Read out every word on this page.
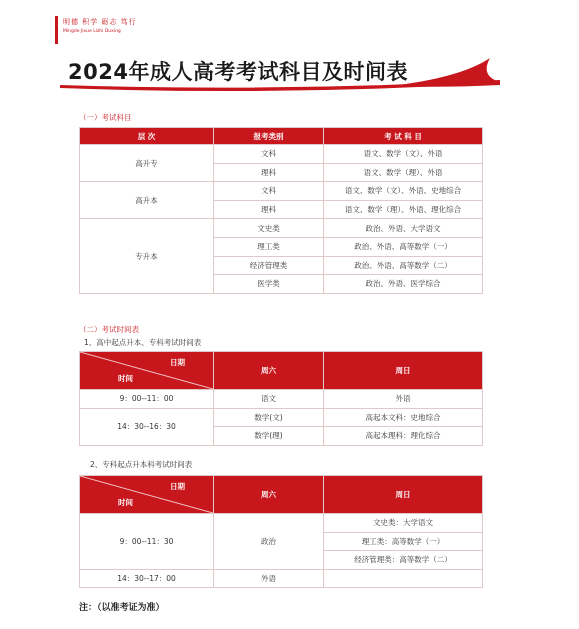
明德 积学 砺志 笃行
Mingde Jixue Lizhi Duxing
2024年成人高考考试科目及时间表
（一）考试科目
层 次	报考类别	考 试 科 目
高升专	文科	语文、数学（文）、外语
	理科	语文、数学（理）、外语
高升本	文科	语文、数学（文）、外语、史地综合
	理科	语文、数学（理）、外语、理化综合
专升本	文史类	政治、外语、大学语文
	理工类	政治、外语、高等数学（一）
	经济管理类	政治、外语、高等数学（二）
	医学类	政治、外语、医学综合
（二）考试时间表
1、高中起点升本、专科考试时间表
日期
时间	周六	周日
9：00--11：00	语文	外语
14：30--16：30	数学(文)	高起本文科：史地综合
	数学(理)	高起本理科：理化综合
2、专科起点升本科考试时间表
日期
时间	周六	周日
9：00--11：30	政治	文史类：大学语文
		理工类：高等数学（一）
		经济管理类：高等数学（二）
14：30--17：00	外语	
注：（以准考证为准）
